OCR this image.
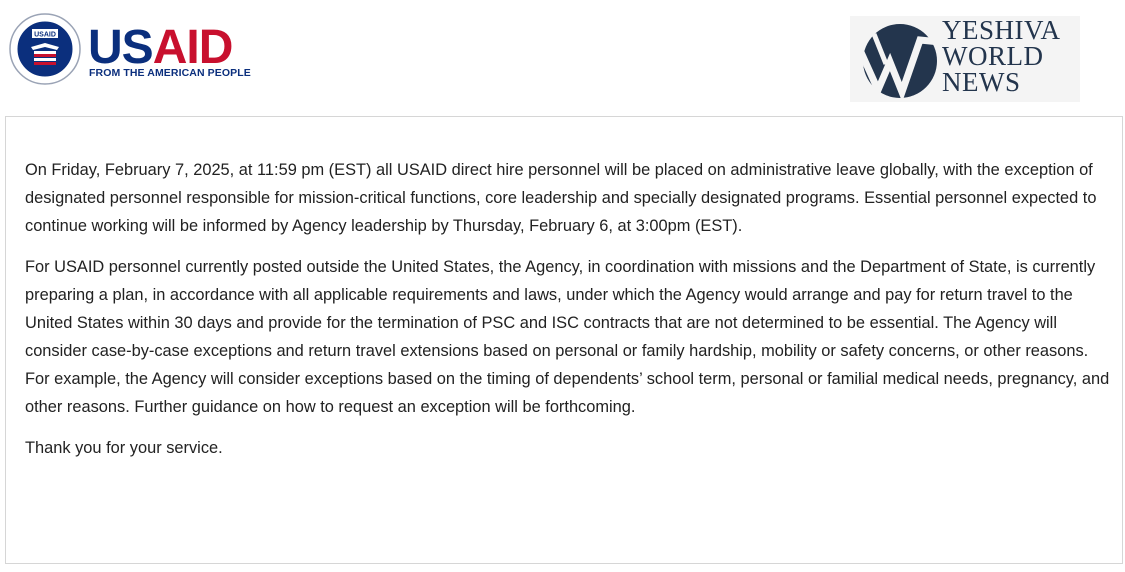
USAID USAID
FROM THE AMERICAN PEOPLE
YESHIVA
WORLD
NEWS

On Friday, February 7, 2025, at 11:59 pm (EST) all USAID direct hire personnel will be placed on administrative leave globally, with the exception of designated personnel responsible for mission-critical functions, core leadership and specially designated programs. Essential personnel expected to continue working will be informed by Agency leadership by Thursday, February 6, at 3:00pm (EST).

For USAID personnel currently posted outside the United States, the Agency, in coordination with missions and the Department of State, is currently preparing a plan, in accordance with all applicable requirements and laws, under which the Agency would arrange and pay for return travel to the United States within 30 days and provide for the termination of PSC and ISC contracts that are not determined to be essential. The Agency will consider case-by-case exceptions and return travel extensions based on personal or family hardship, mobility or safety concerns, or other reasons. For example, the Agency will consider exceptions based on the timing of dependents’ school term, personal or familial medical needs, pregnancy, and other reasons. Further guidance on how to request an exception will be forthcoming.

Thank you for your service.
